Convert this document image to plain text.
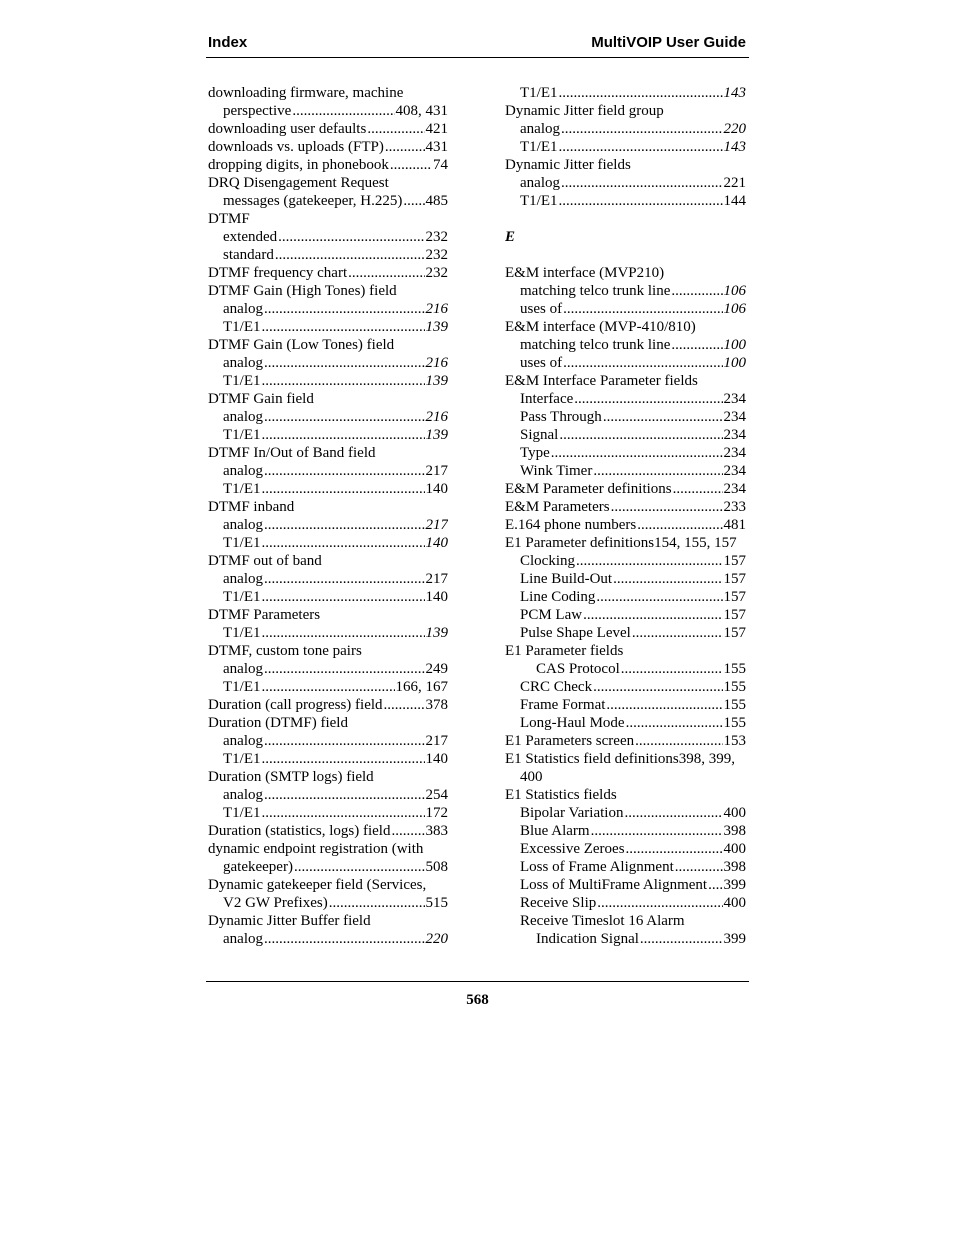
Index	MultiVOIP User Guide
downloading firmware, machine
perspective .....	408, 431
downloading user defaults .....	421
downloads vs. uploads (FTP) .....	431
dropping digits, in phonebook .....	74
DRQ Disengagement Request
messages (gatekeeper, H.225) ..... 485
DTMF
extended .....	232
standard .....	232
DTMF frequency chart .....	232
DTMF Gain (High Tones) field
analog .....	216
T1/E1 .....	139
DTMF Gain (Low Tones) field
analog .....	216
T1/E1 .....	139
DTMF Gain field
analog .....	216
T1/E1 .....	139
DTMF In/Out of Band field
analog .....	217
T1/E1 .....	140
DTMF inband
analog .....	217
T1/E1 .....	140
DTMF out of band
analog .....	217
T1/E1 .....	140
DTMF Parameters
T1/E1 .....	139
DTMF, custom tone pairs
analog .....	249
T1/E1 .....	166, 167
Duration (call progress) field .....	378
Duration (DTMF) field
analog .....	217
T1/E1 .....	140
Duration (SMTP logs) field
analog .....	254
T1/E1 .....	172
Duration (statistics, logs) field ..... 383
dynamic endpoint registration (with
gatekeeper) .....	508
Dynamic gatekeeper field (Services,
V2 GW Prefixes) .....	515
Dynamic Jitter Buffer field
analog .....	220
T1/E1 .....	143
Dynamic Jitter field group
analog .....	220
T1/E1 .....	143
Dynamic Jitter fields
analog .....	221
T1/E1 .....	144
E
E&M interface (MVP210)
matching telco trunk line .....	106
uses of .....	106
E&M interface (MVP-410/810)
matching telco trunk line .....	100
uses of .....	100
E&M Interface Parameter fields
Interface .....	234
Pass Through .....	234
Signal .....	234
Type .....	234
Wink Timer .....	234
E&M Parameter definitions .....	234
E&M Parameters .....	233
E.164 phone numbers .....	481
E1 Parameter definitions154, 155, 157
Clocking .....	157
Line Build-Out .....	157
Line Coding .....	157
PCM Law .....	157
Pulse Shape Level .....	157
E1 Parameter fields
CAS Protocol .....	155
CRC Check .....	155
Frame Format .....	155
Long-Haul Mode .....	155
E1 Parameters screen .....	153
E1 Statistics field definitions398, 399,
400
E1 Statistics fields
Bipolar Variation .....	400
Blue Alarm .....	398
Excessive Zeroes .....	400
Loss of Frame Alignment .....	398
Loss of MultiFrame Alignment ..... 399
Receive Slip .....	400
Receive Timeslot 16 Alarm
Indication Signal .....	399
568
